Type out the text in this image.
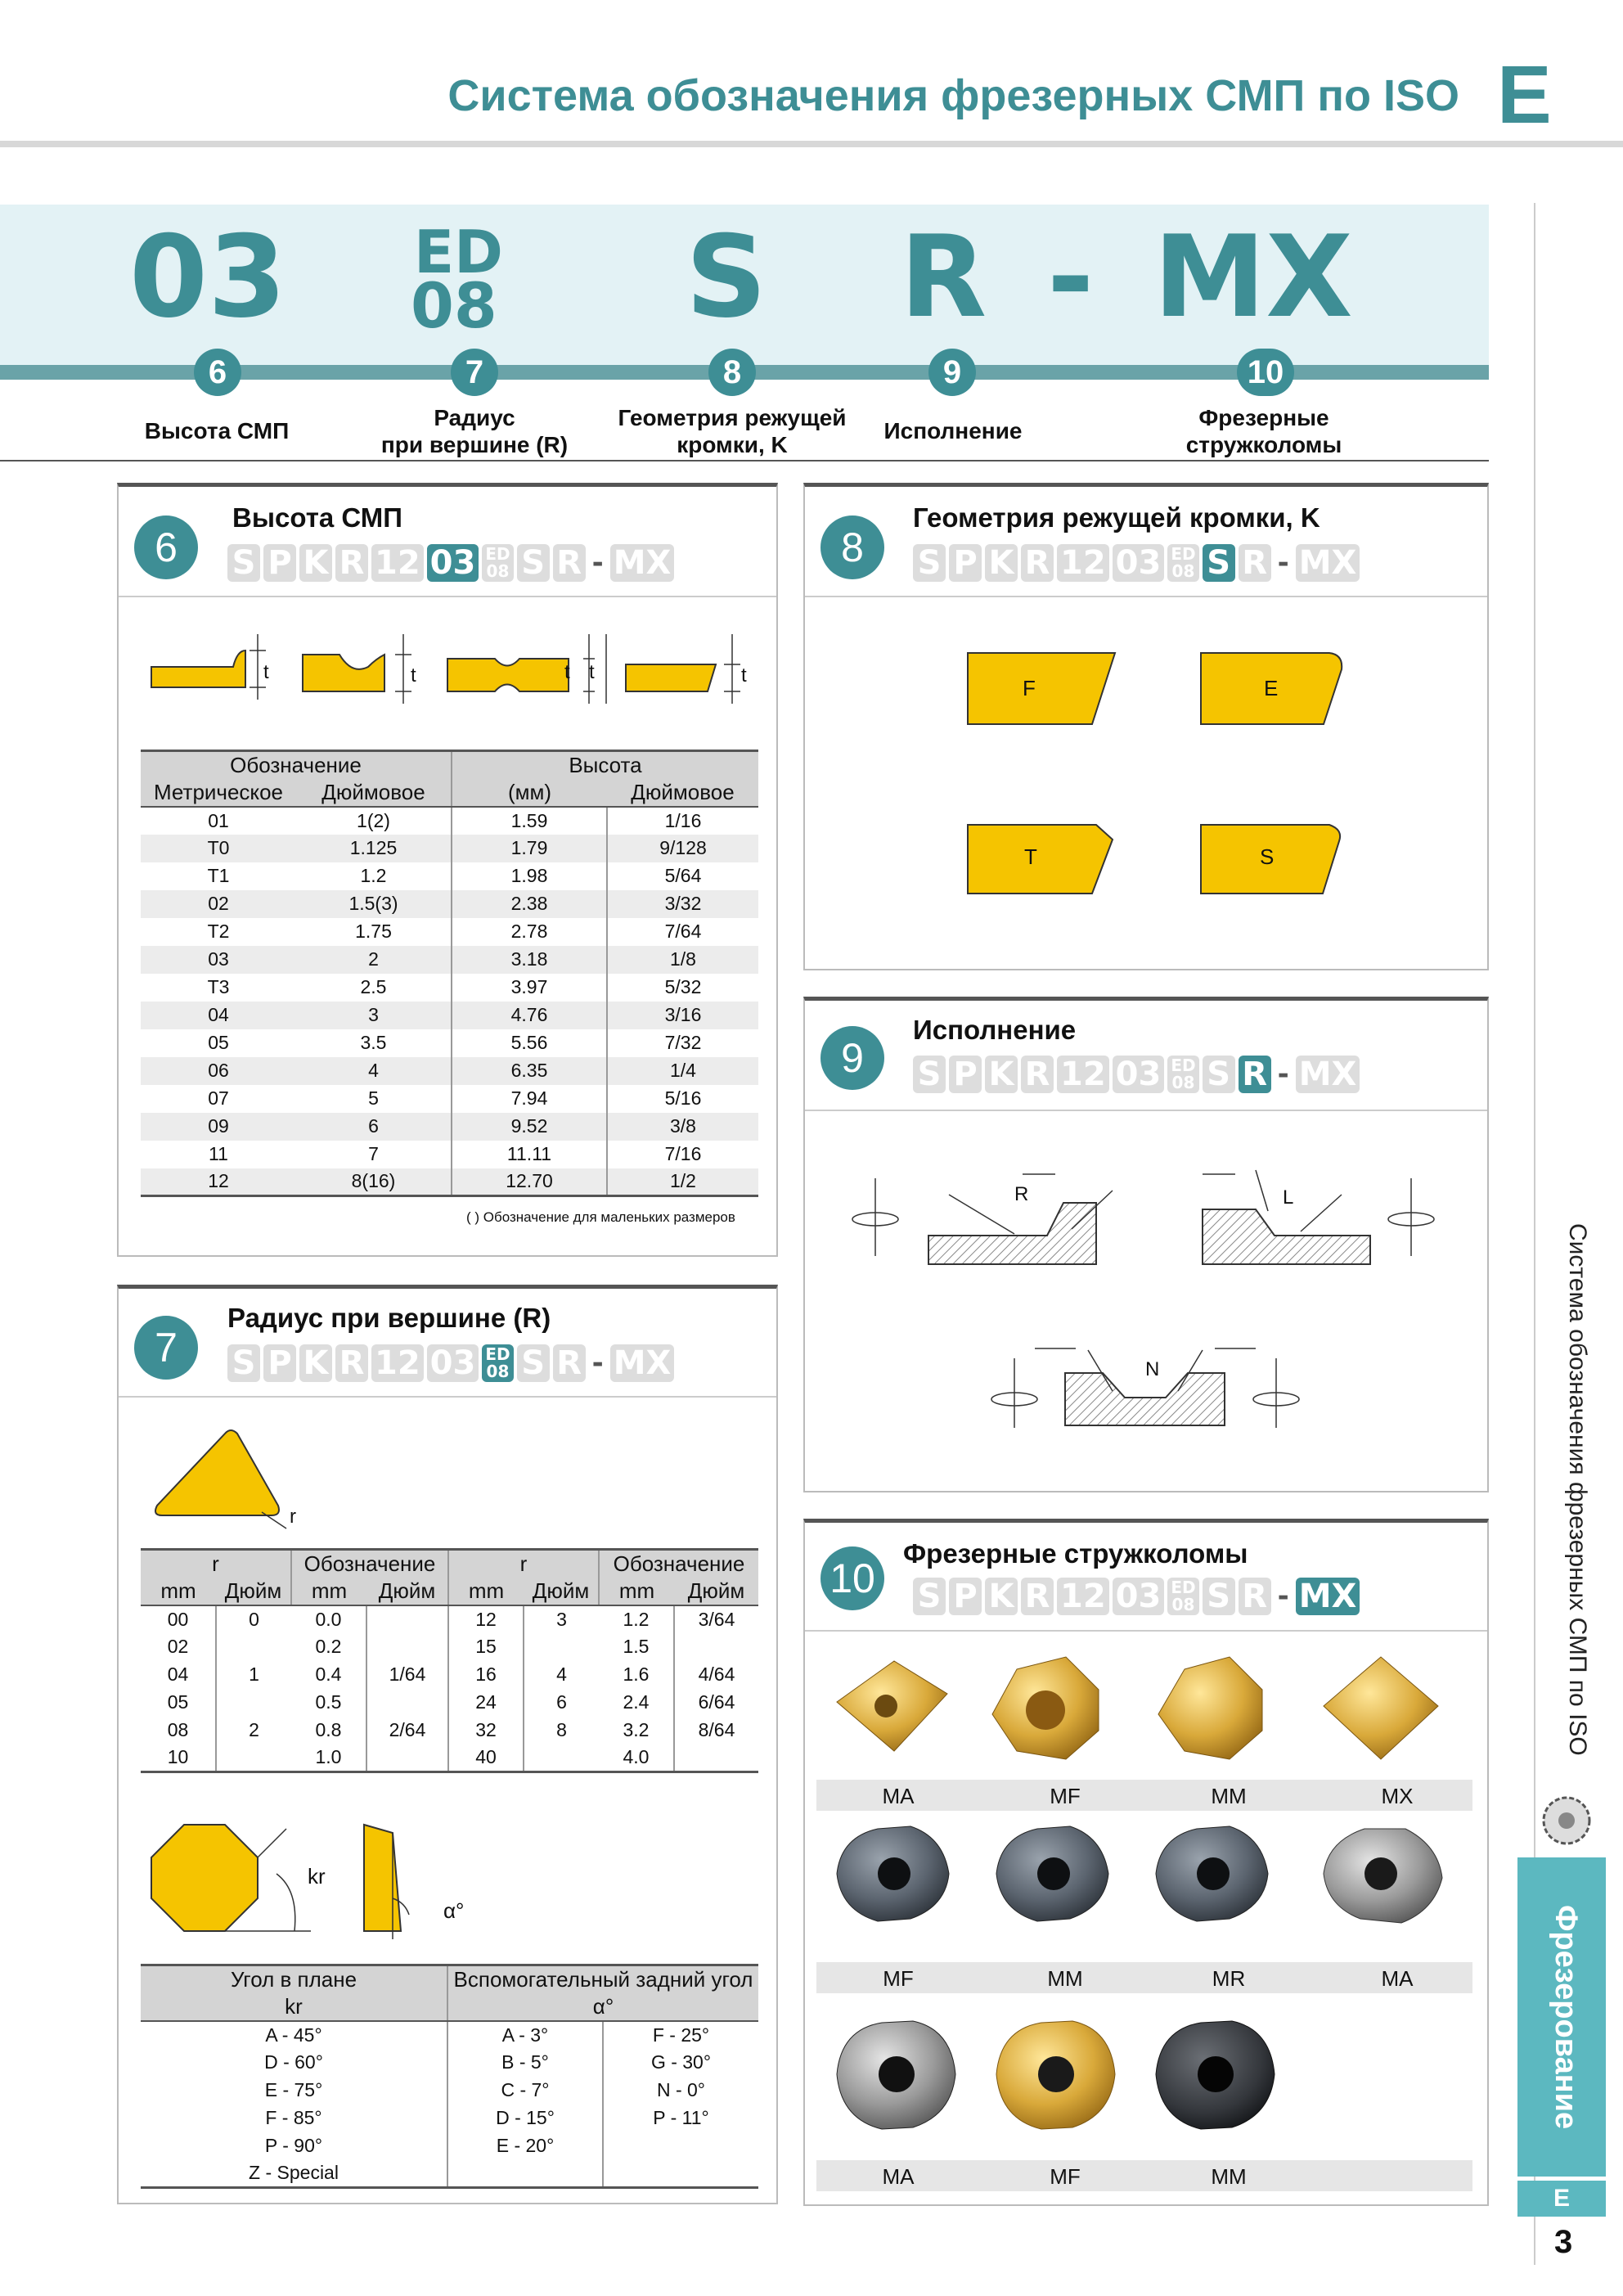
Система обозначения фрезерных СМП по ISO E
03 ED
08 S R - MX
6	7	8	9	10
Высота СМП
Радиус
при вершине (R)
Геометрия режущей
кромки, K
Исполнение
Фрезерные
стружколомы
6
Высота СМП
S P K R 12 03 ED
08 S R - MX
t	t	t t	t
Обозначение		Высота	
Метрическое	Дюймовое	(мм)	Дюймовое
01	1(2)	1.59	1/16
T0	1.125	1.79	9/128
T1	1.2	1.98	5/64
02	1.5(3)	2.38	3/32
T2	1.75	2.78	7/64
03	2	3.18	1/8
T3	2.5	3.97	5/32
04	3	4.76	3/16
05	3.5	5.56	7/32
06	4	6.35	1/4
07	5	7.94	5/16
09	6	9.52	3/8
11	7	11.11	7/16
12	8(16)	12.70	1/2
( ) Обозначение для маленьких размеров
7
Радиус при вершине (R)
S P K R 12 03 ED
08 S R - MX
r
r		Обозначение		r		Обозначение	
mm	Дюйм	mm	Дюйм	mm	Дюйм	mm	Дюйм
00	0	0.0		12	3	1.2	3/64
02		0.2		15		1.5	
04	1	0.4	1/64	16	4	1.6	4/64
05		0.5		24	6	2.4	6/64
08	2	0.8	2/64	32	8	3.2	8/64
10		1.0		40		4.0	
kr
α°
Угол в плане	Вспомогательный задний угол	
kr	α°	
A - 45°	A - 3°	F - 25°
D - 60°	B - 5°	G - 30°
E - 75°	C - 7°	N - 0°
F - 85°	D - 15°	P - 11°
P - 90°	E - 20°	
Z - Special		
8
Геометрия режущей кромки, K
S P K R 12 03 ED
08 S R - MX
F	E
T	S
9
Исполнение
S P K R 12 03 ED
08 S R - MX
R	L
N
10
Фрезерные стружколомы
S P K R 12 03 ED
08 S R - MX
MA	MF	MM	MX
MF	MM	MR	MA
MA	MF	MM
Система обозначения фрезерных СМП по ISO
Фрезерование
E
3
